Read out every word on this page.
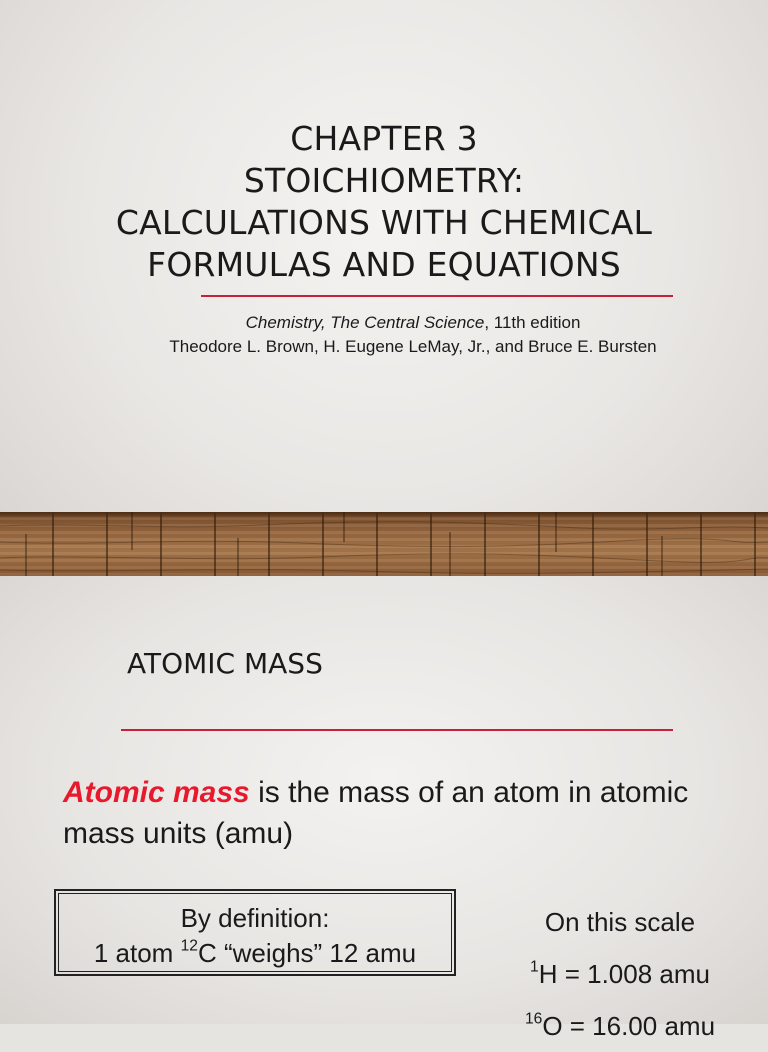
CHAPTER 3
STOICHIOMETRY:
CALCULATIONS WITH CHEMICAL
FORMULAS AND EQUATIONS
Chemistry, The Central Science, 11th edition
Theodore L. Brown, H. Eugene LeMay, Jr., and Bruce E. Bursten
ATOMIC MASS
Atomic mass is the mass of an atom in atomic mass units (amu)
By definition:
1 atom $^{12}$C “weighs” 12 amu
On this scale
$^1$H = 1.008 amu
$^{16}$O = 16.00 amu
